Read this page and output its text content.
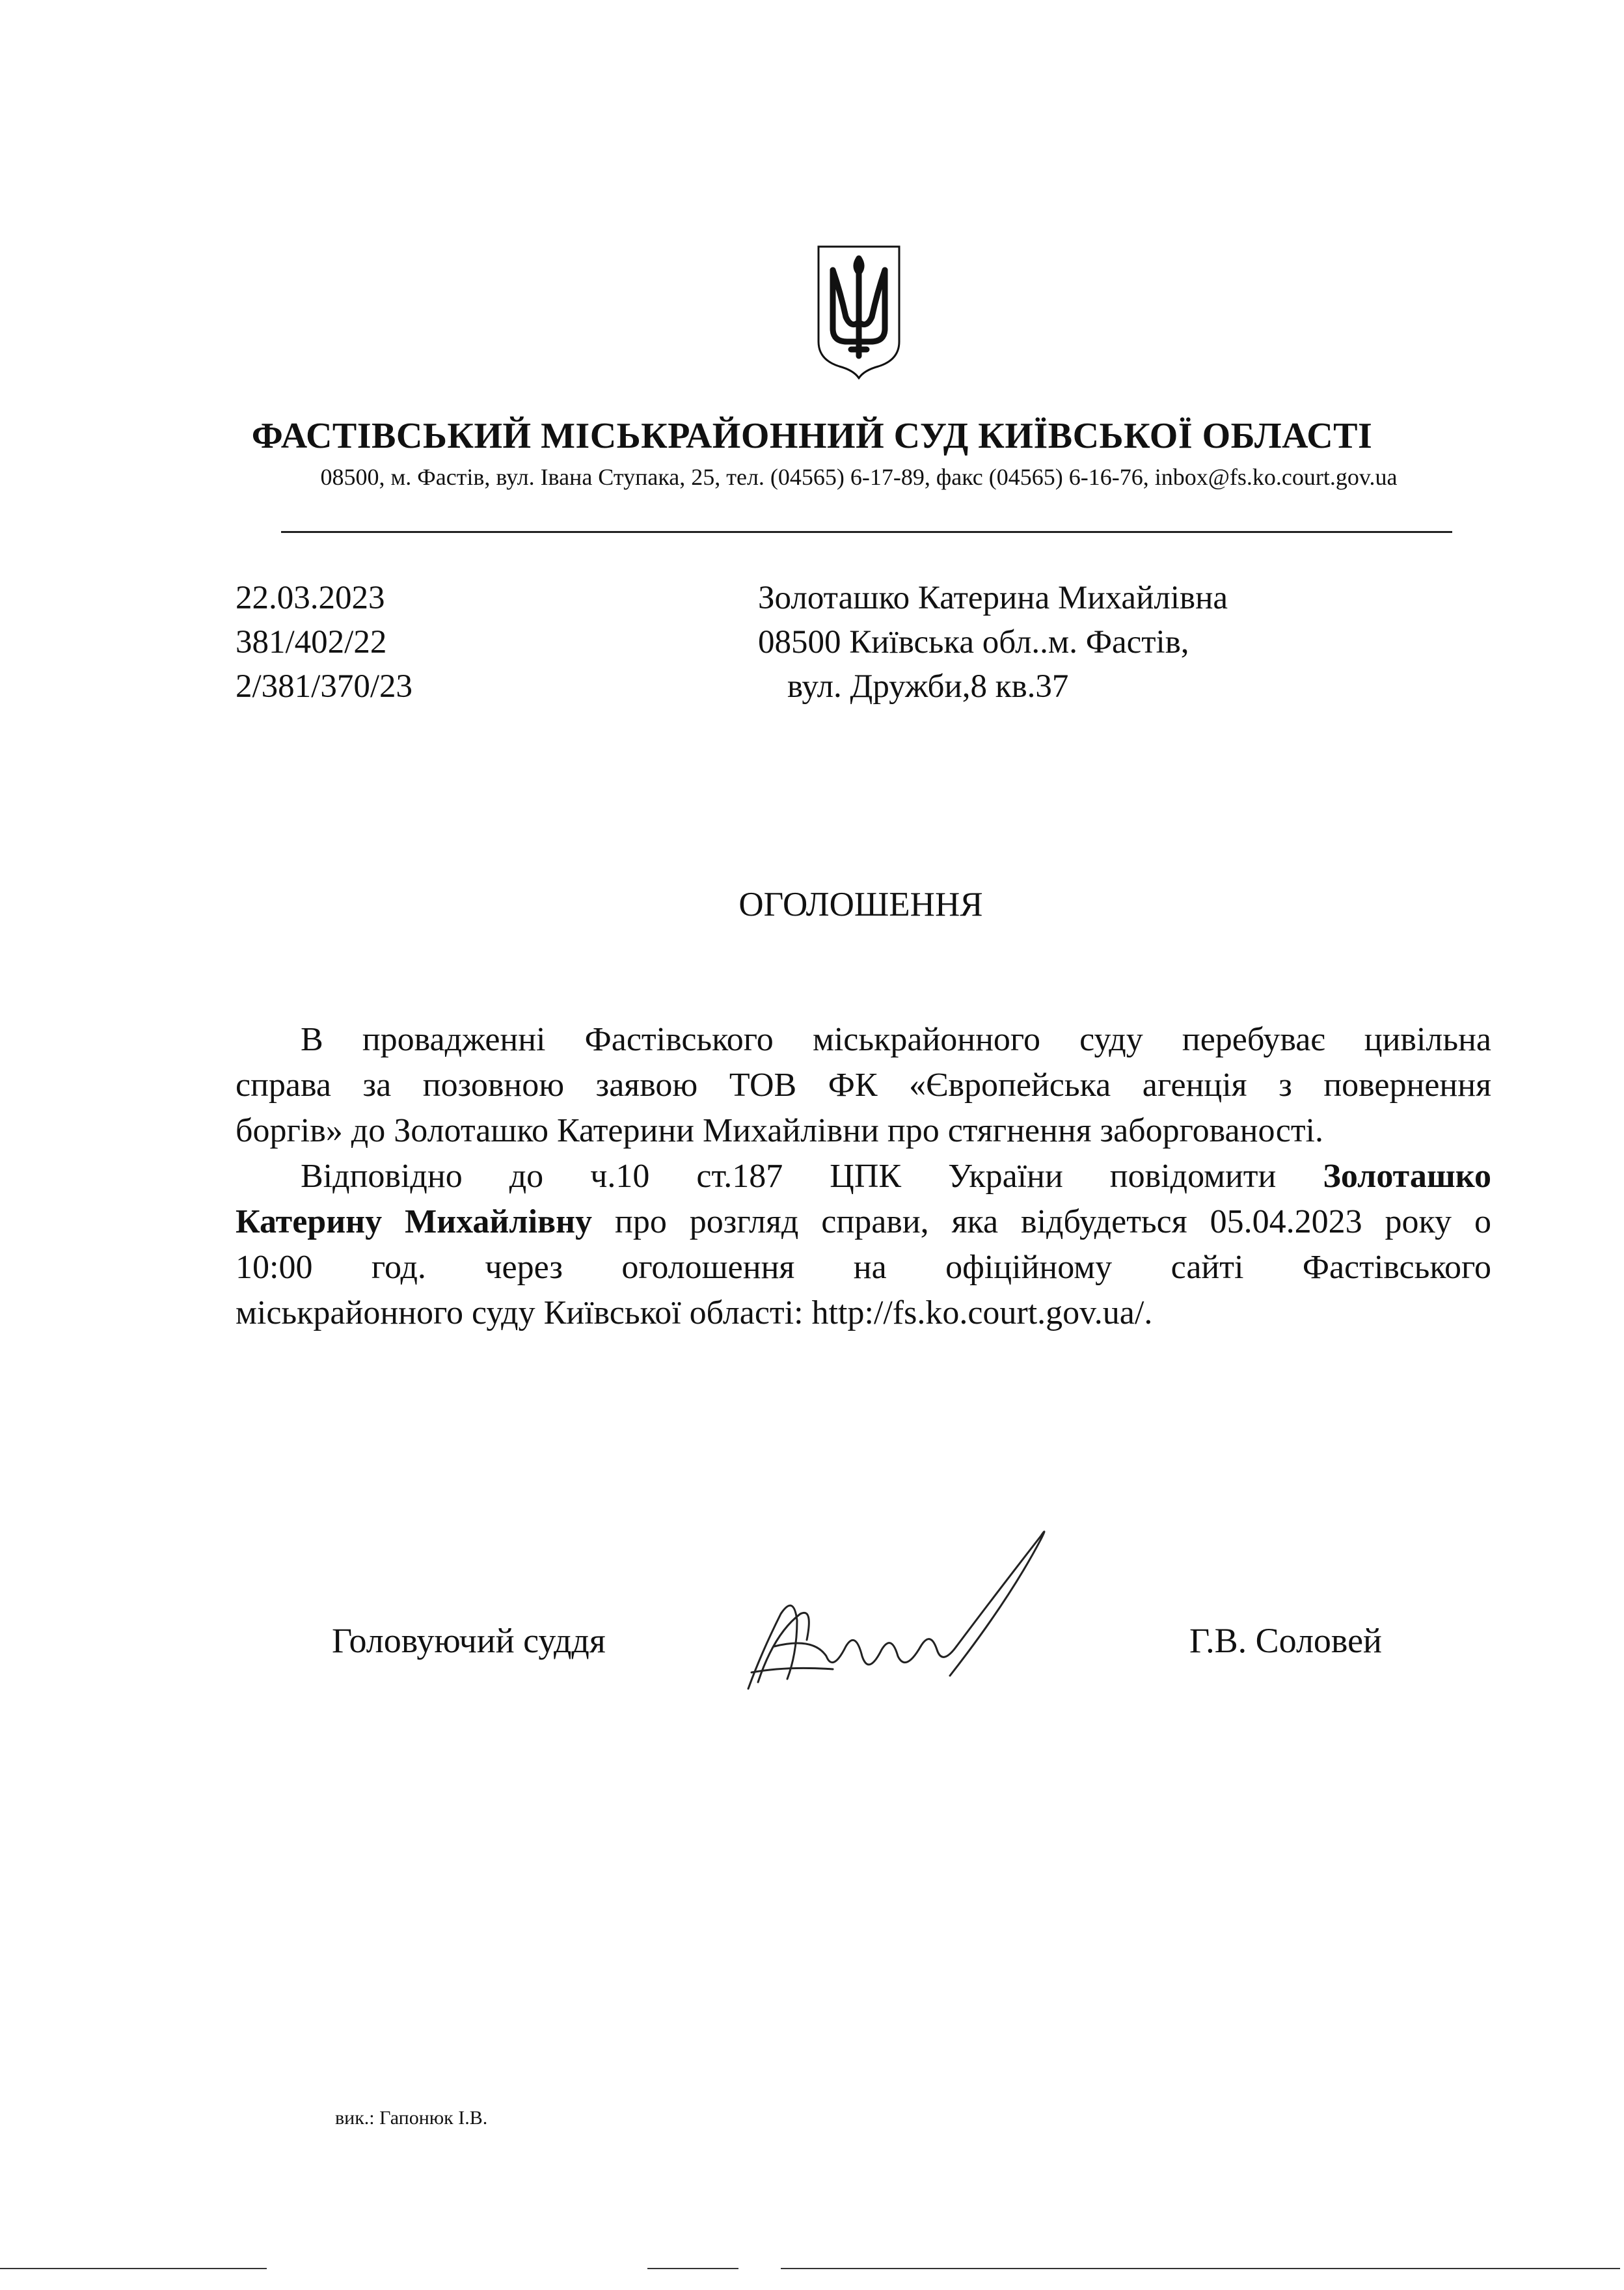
ФАСТІВСЬКИЙ МІСЬКРАЙОННИЙ СУД КИЇВСЬКОЇ ОБЛАСТІ
08500, м. Фастів, вул. Івана Ступака, 25, тел. (04565) 6-17-89, факс (04565) 6-16-76, inbox@fs.ko.court.gov.ua
22.03.2023
381/402/22
2/381/370/23
Золоташко Катерина Михайлівна
08500 Київська обл..м. Фастів,
вул. Дружби,8 кв.37
ОГОЛОШЕННЯ
В провадженні Фастівського міськрайонного суду перебуває цивільна
справа за позовною заявою ТОВ ФК «Європейська агенція з повернення
боргів» до Золоташко Катерини Михайлівни про стягнення заборгованості.
Відповідно до ч.10 ст.187 ЦПК України повідомити Золоташко
Катерину Михайлівну про розгляд справи, яка відбудеться 05.04.2023 року о
10:00 год. через оголошення на офіційному сайті Фастівського
міськрайонного суду Київської області: http://fs.ko.court.gov.ua/.
Головуючий суддя	Г.В. Соловей
вик.: Гапонюк І.В.
